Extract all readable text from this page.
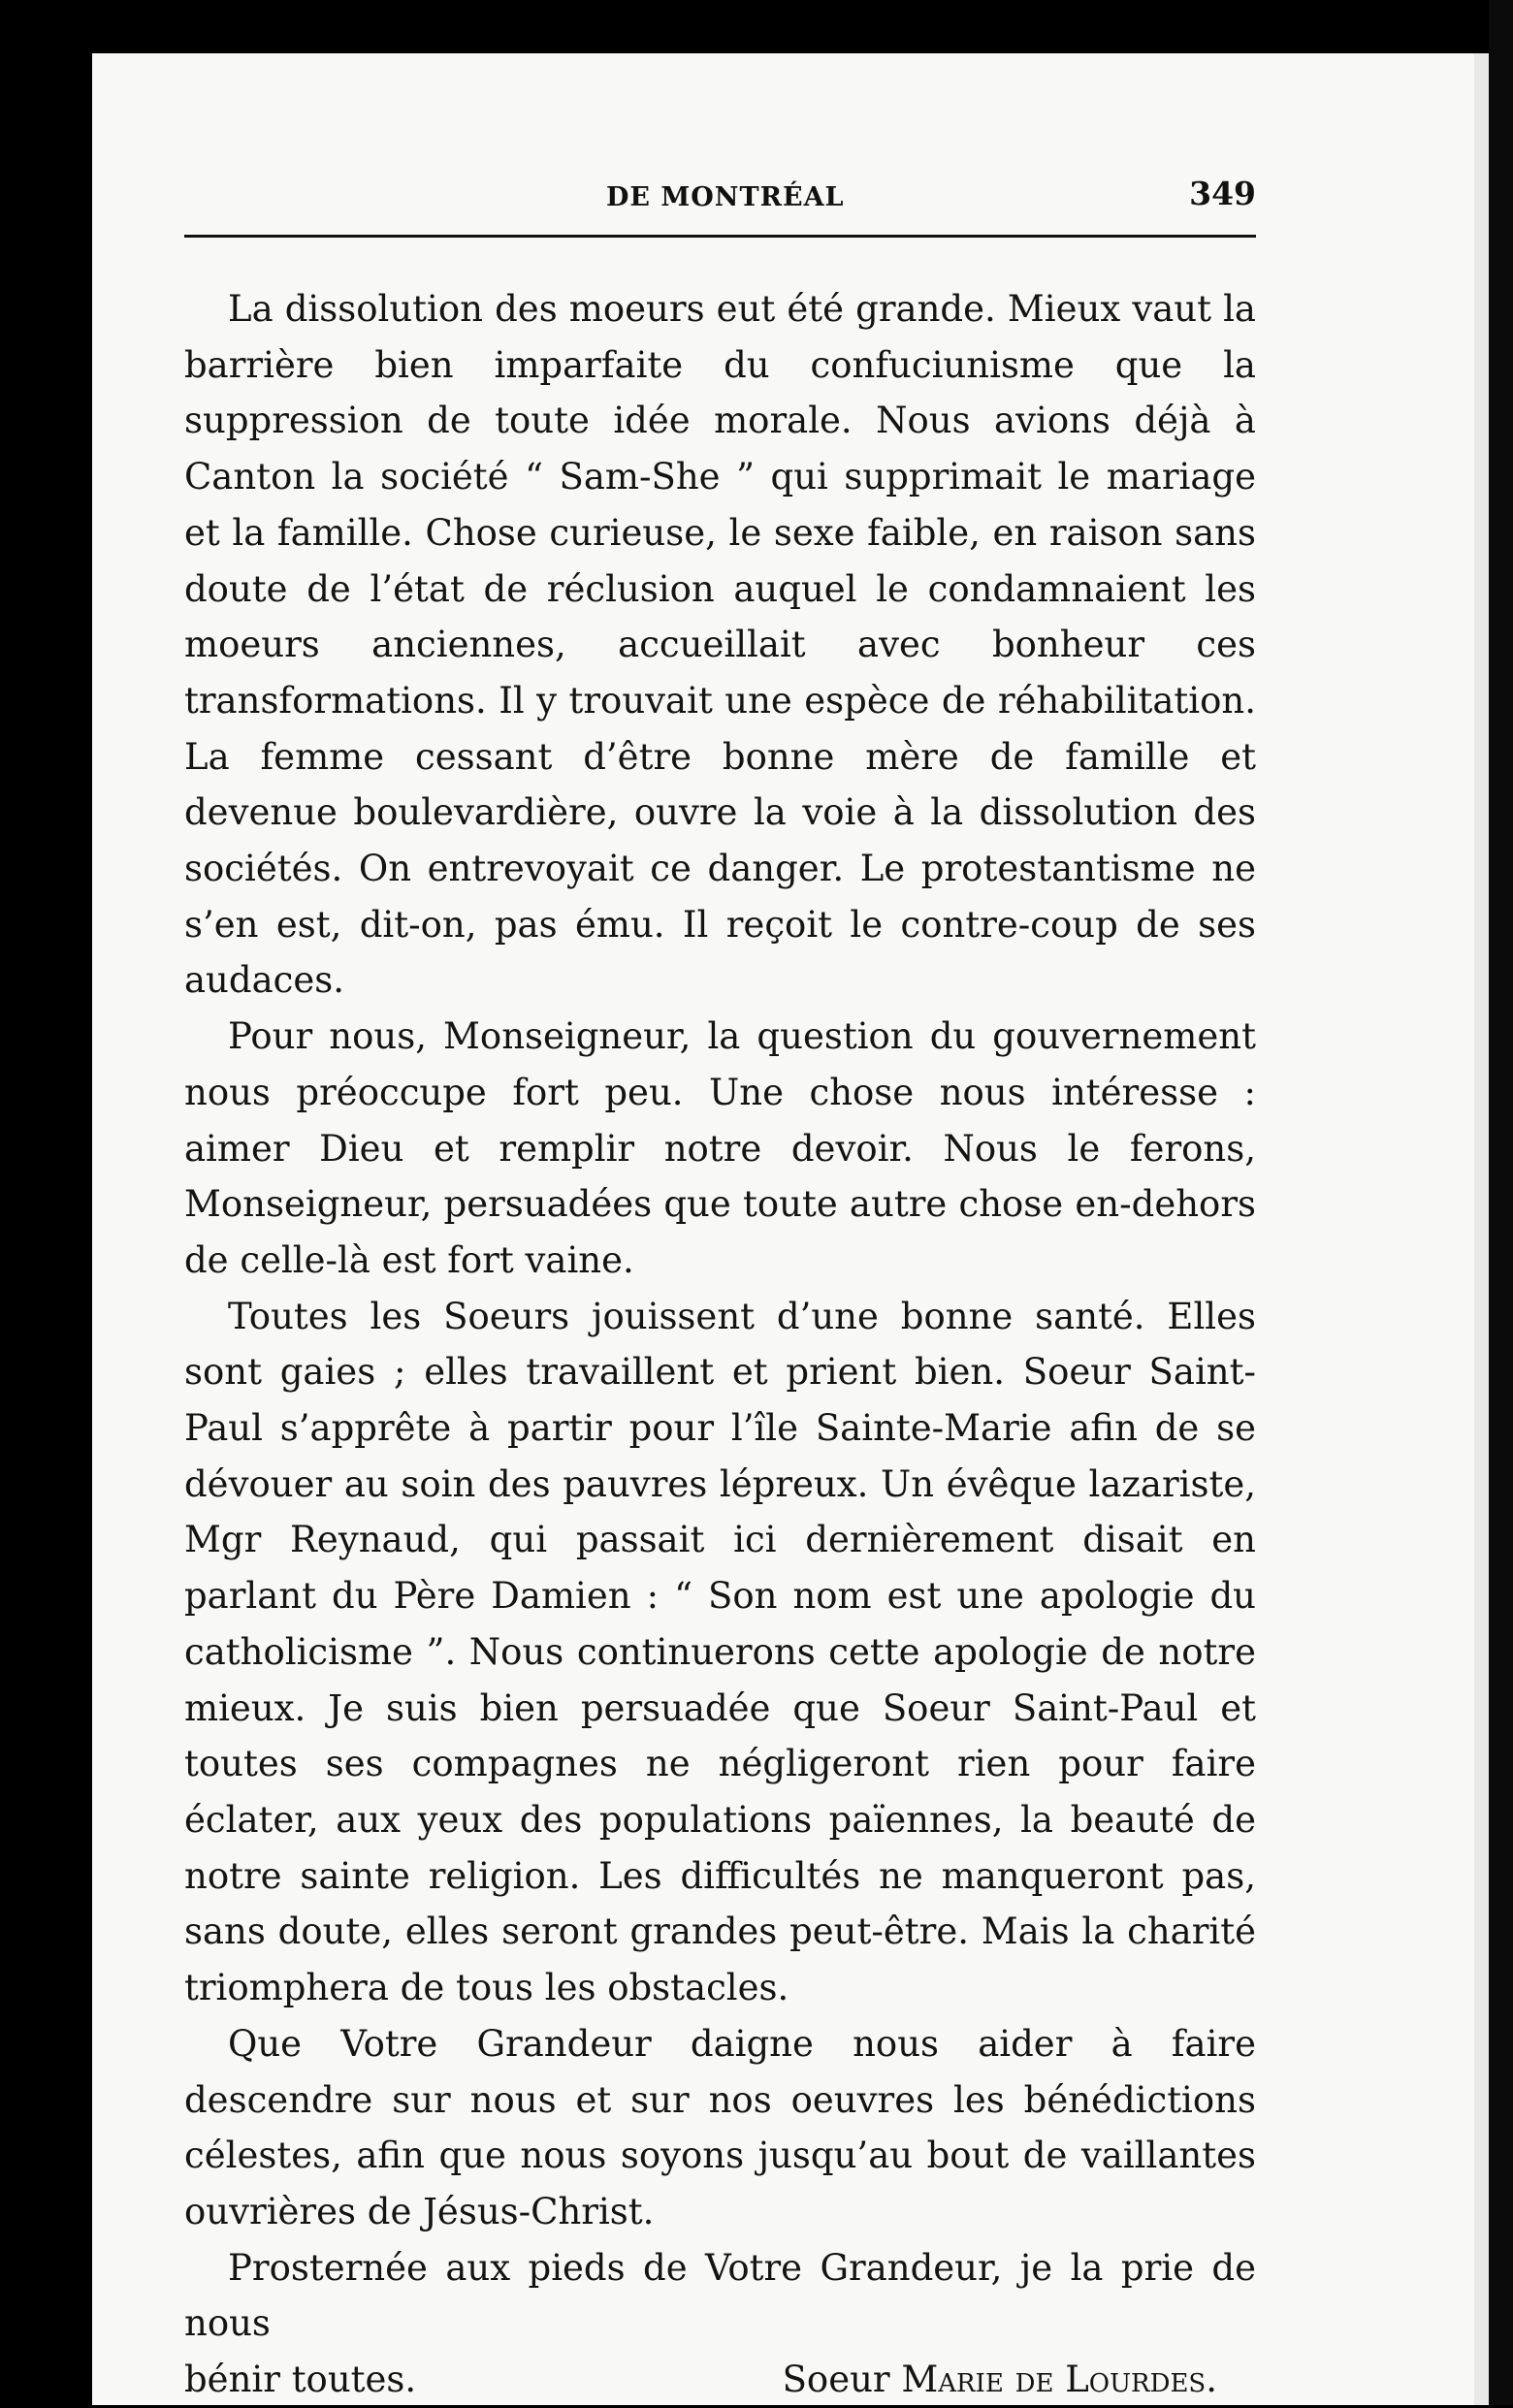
DE MONTRÉAL	349

La dissolution des moeurs eut été grande. Mieux vaut la barrière bien imparfaite du confuciunisme que la suppression de toute idée morale. Nous avions déjà à Canton la société “ Sam-She ” qui supprimait le mariage et la famille. Chose curieuse, le sexe faible, en raison sans doute de l’état de réclusion auquel le condamnaient les moeurs anciennes, accueillait avec bonheur ces transformations. Il y trouvait une espèce de réhabilitation. La femme cessant d’être bonne mère de famille et devenue boulevardière, ouvre la voie à la dissolution des sociétés. On entrevoyait ce danger. Le protestantisme ne s’en est, dit-on, pas ému. Il reçoit le contre-coup de ses audaces.

Pour nous, Monseigneur, la question du gouvernement nous préoccupe fort peu. Une chose nous intéresse : aimer Dieu et remplir notre devoir. Nous le ferons, Monseigneur, persuadées que toute autre chose en-dehors de celle-là est fort vaine.

Toutes les Soeurs jouissent d’une bonne santé. Elles sont gaies ; elles travaillent et prient bien. Soeur Saint-Paul s’apprête à partir pour l’île Sainte-Marie afin de se dévouer au soin des pauvres lépreux. Un évêque lazariste, Mgr Reynaud, qui passait ici dernièrement disait en parlant du Père Damien : “ Son nom est une apologie du catholicisme ”. Nous continuerons cette apologie de notre mieux. Je suis bien persuadée que Soeur Saint-Paul et toutes ses compagnes ne négligeront rien pour faire éclater, aux yeux des populations païennes, la beauté de notre sainte religion. Les difficultés ne manqueront pas, sans doute, elles seront grandes peut-être. Mais la charité triomphera de tous les obstacles.

Que Votre Grandeur daigne nous aider à faire descendre sur nous et sur nos oeuvres les bénédictions célestes, afin que nous soyons jusqu’au bout de vaillantes ouvrières de Jésus-Christ.

Prosternée aux pieds de Votre Grandeur, je la prie de nous

bénir toutes.	Soeur Marie de Lourdes.
